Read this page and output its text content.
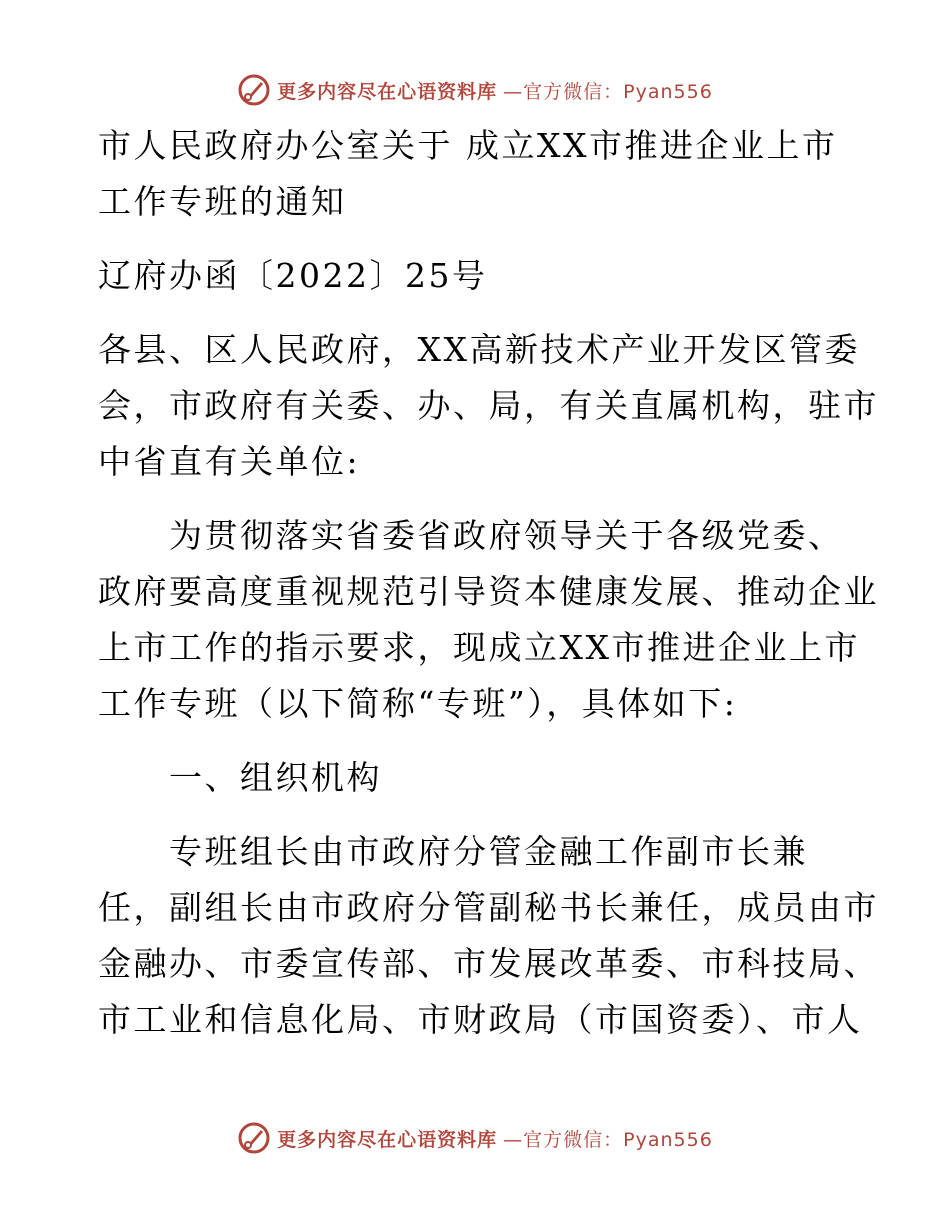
更多内容尽在心语资料库 —官方微信：Pyan556
市人民政府办公室关于 成立XX市推进企业上市
工作专班的通知
辽府办函〔2022〕25号
各县、区人民政府，XX高新技术产业开发区管委
会，市政府有关委、办、局，有关直属机构，驻市
中省直有关单位:
　　为贯彻落实省委省政府领导关于各级党委、
政府要高度重视规范引导资本健康发展、推动企业
上市工作的指示要求，现成立XX市推进企业上市
工作专班（以下简称“专班”），具体如下:
　　一、组织机构
　　专班组长由市政府分管金融工作副市长兼
任，副组长由市政府分管副秘书长兼任，成员由市
金融办、市委宣传部、市发展改革委、市科技局、
市工业和信息化局、市财政局（市国资委）、市人
更多内容尽在心语资料库 —官方微信：Pyan556
